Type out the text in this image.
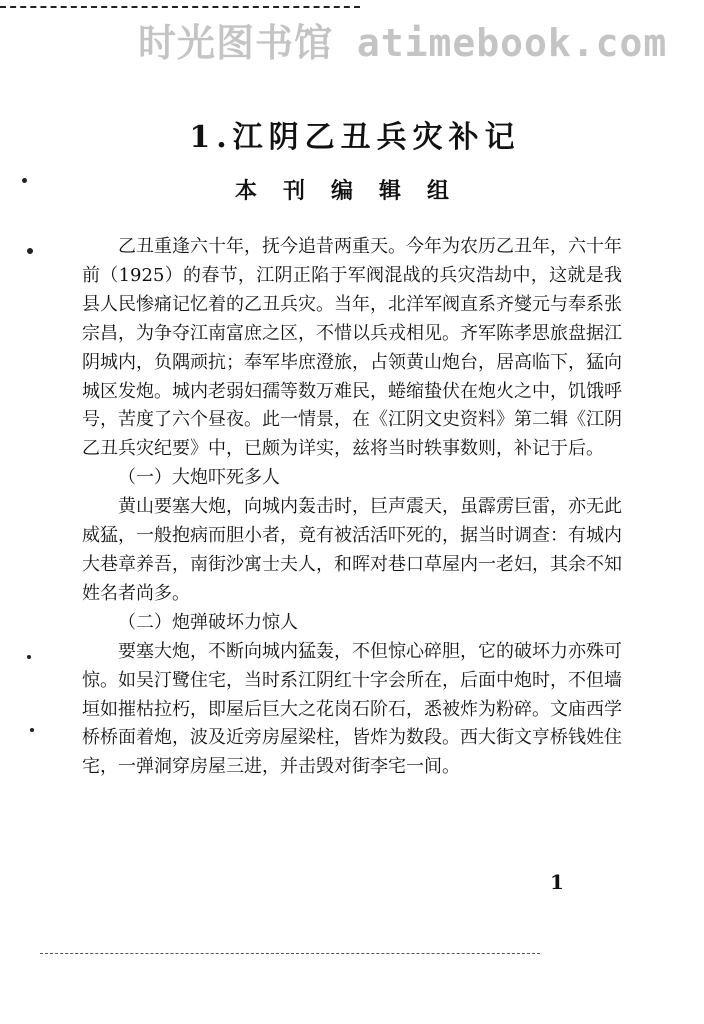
时光图书馆 atimebook.com
1.江阴乙丑兵灾补记
本刊编辑组

乙丑重逢六十年，抚今追昔两重天。今年为农历乙丑年，六十年前（1925）的春节，江阴正陷于军阀混战的兵灾浩劫中，这就是我县人民惨痛记忆着的乙丑兵灾。当年，北洋军阀直系齐燮元与奉系张宗昌，为争夺江南富庶之区，不惜以兵戎相见。齐军陈孝思旅盘据江阴城内，负隅顽抗；奉军毕庶澄旅，占领黄山炮台，居高临下，猛向城区发炮。城内老弱妇孺等数万难民，蜷缩蛰伏在炮火之中，饥饿呼号，苦度了六个昼夜。此一情景，在《江阴文史资料》第二辑《江阴乙丑兵灾纪要》中，已颇为详实，兹将当时轶事数则，补记于后。

（一）大炮吓死多人

黄山要塞大炮，向城内轰击时，巨声震天，虽霹雳巨雷，亦无此威猛，一般抱病而胆小者，竟有被活活吓死的，据当时调查：有城内大巷章养吾，南街沙寓士夫人，和晖对巷口草屋内一老妇，其余不知姓名者尚多。

（二）炮弹破坏力惊人

要塞大炮，不断向城内猛轰，不但惊心碎胆，它的破坏力亦殊可惊。如吴汀鹭住宅，当时系江阴红十字会所在，后面中炮时，不但墙垣如摧枯拉朽，即屋后巨大之花岗石阶石，悉被炸为粉碎。文庙西学桥桥面着炮，波及近旁房屋梁柱，皆炸为数段。西大街文亨桥钱姓住宅，一弹洞穿房屋三进，并击毁对街李宅一间。

1
